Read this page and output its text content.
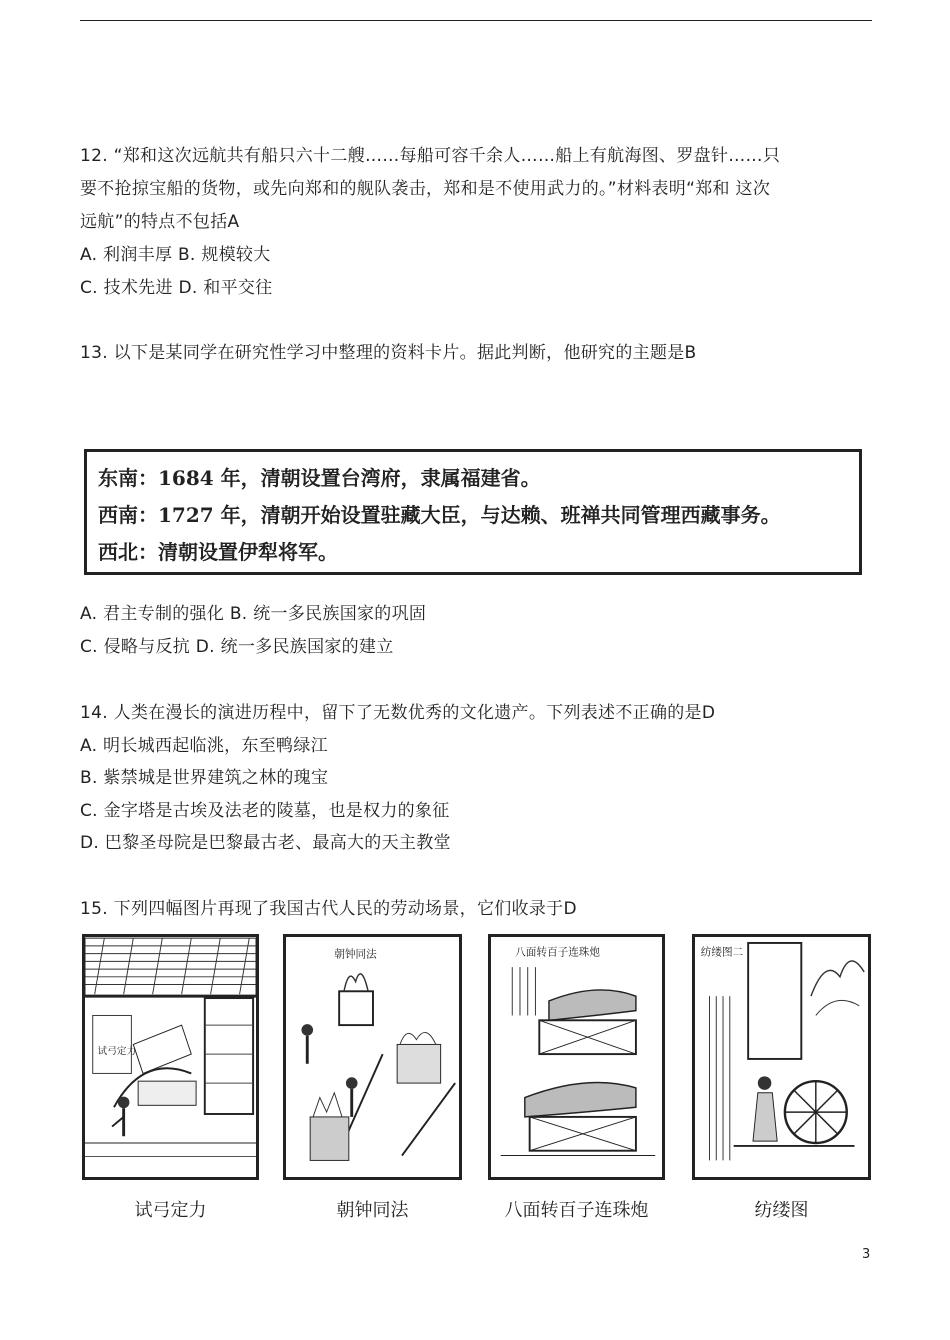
12. “郑和这次远航共有船只六十二艘……每船可容千余人……船上有航海图、罗盘针……只
要不抢掠宝船的货物，或先向郑和的舰队袭击，郑和是不使用武力的。”材料表明“郑和 这次
远航”的特点不包括A
A. 利润丰厚 B. 规模较大
C. 技术先进 D. 和平交往
13. 以下是某同学在研究性学习中整理的资料卡片。据此判断，他研究的主题是B
东南：1684 年，清朝设置台湾府，隶属福建省。
西南：1727 年，清朝开始设置驻藏大臣，与达赖、班禅共同管理西藏事务。
西北：清朝设置伊犁将军。
A. 君主专制的强化 B. 统一多民族国家的巩固
C. 侵略与反抗 D. 统一多民族国家的建立
14. 人类在漫长的演进历程中，留下了无数优秀的文化遗产。下列表述不正确的是D
A. 明长城西起临洮，东至鸭绿江
B. 紫禁城是世界建筑之林的瑰宝
C. 金字塔是古埃及法老的陵墓，也是权力的象征
D. 巴黎圣母院是巴黎最古老、最高大的天主教堂
15. 下列四幅图片再现了我国古代人民的劳动场景，它们收录于D
试弓定力
朝钟同法	八面转百子连珠炮	纺缕图二
试弓定力	朝钟同法	八面转百子连珠炮	纺缕图
3
